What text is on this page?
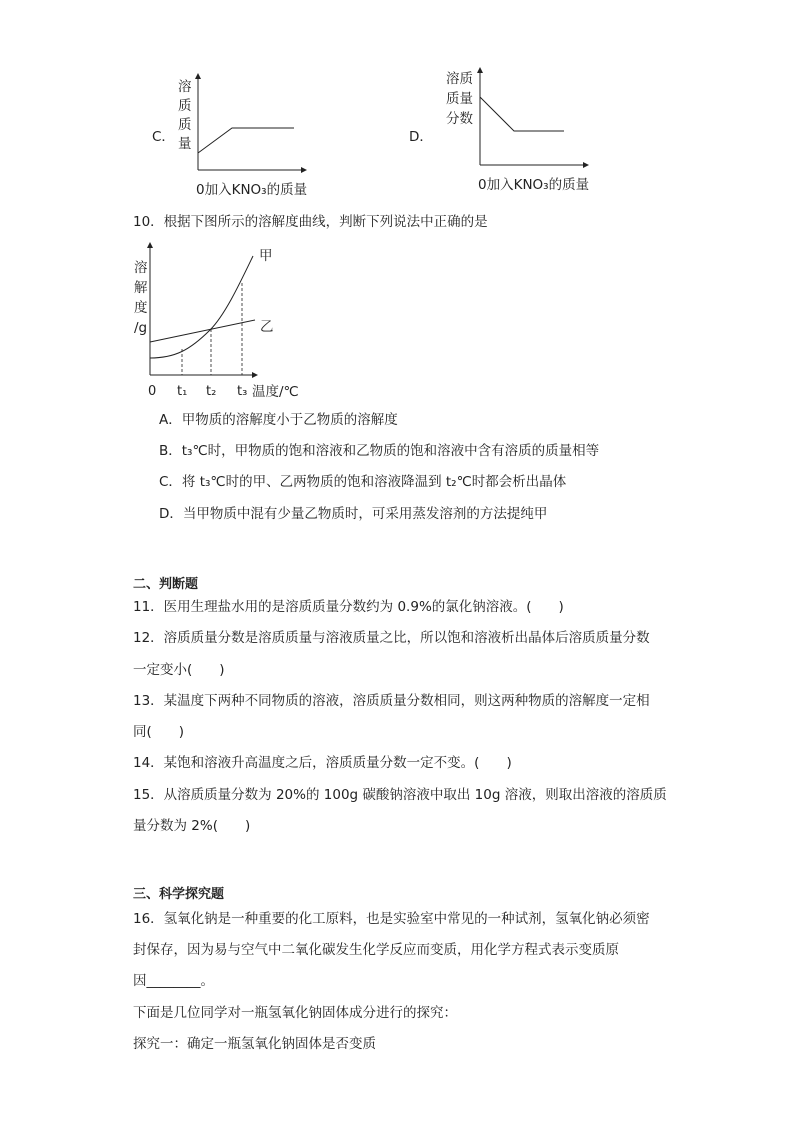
C．
溶
质
质
量
0加入KNO₃的质量
D．
溶质
质量
分数
0加入KNO₃的质量
10．根据下图所示的溶解度曲线，判断下列说法中正确的是
溶
解
度
/g
0 t₁ t₂ t₃
甲
乙
温度/℃
A．甲物质的溶解度小于乙物质的溶解度
B．t₃℃时，甲物质的饱和溶液和乙物质的饱和溶液中含有溶质的质量相等
C．将 t₃℃时的甲、乙两物质的饱和溶液降温到 t₂℃时都会析出晶体
D．当甲物质中混有少量乙物质时，可采用蒸发溶剂的方法提纯甲
二、判断题
11．医用生理盐水用的是溶质质量分数约为 0.9%的氯化钠溶液。(　　)
12．溶质质量分数是溶质质量与溶液质量之比，所以饱和溶液析出晶体后溶质质量分数
一定变小(　　)
13．某温度下两种不同物质的溶液，溶质质量分数相同，则这两种物质的溶解度一定相
同(　　)
14．某饱和溶液升高温度之后，溶质质量分数一定不变。(　　)
15．从溶质质量分数为 20%的 100g 碳酸钠溶液中取出 10g 溶液，则取出溶液的溶质质
量分数为 2%(　　)
三、科学探究题
16．氢氧化钠是一种重要的化工原料，也是实验室中常见的一种试剂，氢氧化钠必须密
封保存，因为易与空气中二氧化碳发生化学反应而变质，用化学方程式表示变质原
因________。
下面是几位同学对一瓶氢氧化钠固体成分进行的探究：
探究一：确定一瓶氢氧化钠固体是否变质
